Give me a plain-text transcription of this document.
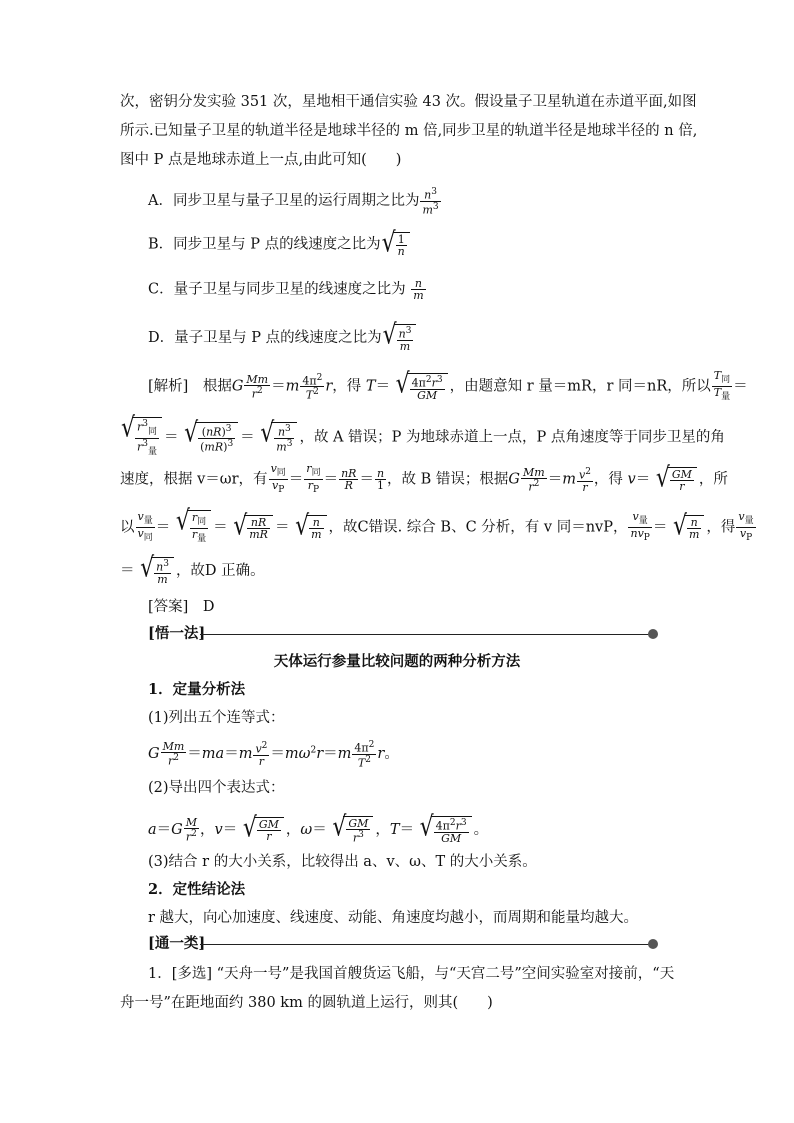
次，密钥分发实验 351 次，星地相干通信实验 43 次。假设量子卫星轨道在赤道平面,如图
所示.已知量子卫星的轨道半径是地球半径的 m 倍,同步卫星的轨道半径是地球半径的 n 倍,
图中 P 点是地球赤道上一点,由此可知(　　)
A．同步卫星与量子卫星的运行周期之比为 $\frac{n^3}{m^3}$
B．同步卫星与 P 点的线速度之比为 √ $\frac{1}{n}$
C．量子卫星与同步卫星的线速度之比为 $\frac{n}{m}$
D．量子卫星与 P 点的线速度之比为 √ $\frac{n^3}{m}$
[解析]　根据G $\frac{Mm}{r^2} =m \frac{4\pi^2}{T^2}$ r，得 T＝ √ $\frac{4\pi^2r^3}{GM}$ ，由题意知 r 量＝mR，r 同＝nR，所以 $\frac{T_同}{T_量}$ ＝
√ $\frac{r^3_同}{r^3_量}$ ＝ √ $\frac{(nR)^3}{(mR)^3}$ ＝ √ $\frac{n^3}{m^3}$ ，故 A 错误；P 为地球赤道上一点，P 点角速度等于同步卫星的角
速度，根据 v＝ωr，有 $\frac{v_同}{v_P} = \frac{r_同}{r_P} = \frac{nR}{R} = \frac{n}{1}$ ，故 B 错误；根据G $\frac{Mm}{r^2} =m \frac{v^2}{r}$ ，得 v＝ √ $\frac{GM}{r}$ ，所
以 $\frac{v_量}{v_同}$ ＝ √ $\frac{r_同}{r_量}$ ＝ √ $\frac{nR}{mR}$ ＝ √ $\frac{n}{m}$ ，故C错误. 综合 B、C 分析，有 v 同＝nvP， $\frac{v_量}{nv_P}$ ＝ √ $\frac{n}{m}$ ，得 $\frac{v_量}{v_P}$
＝ √ $\frac{n^3}{m}$ ，故D 正确。
[答案]　D
[悟一法]
天体运行参量比较问题的两种分析方法
1．定量分析法
(1)列出五个连等式：
G $\frac{Mm}{r^2} =ma=m \frac{v^2}{r} =m\omega^2r=m \frac{4\pi^2}{T^2}$ r。
(2)导出四个表达式：
$a=G \frac{M}{r^2}$ ，v＝ √ $\frac{GM}{r}$ ，ω＝ √ $\frac{GM}{r^3}$ ，T＝ √ $\frac{4\pi^2r^3}{GM}$ 。
(3)结合 r 的大小关系，比较得出 a、v、ω、T 的大小关系。
2．定性结论法
r 越大，向心加速度、线速度、动能、角速度均越小，而周期和能量均越大。
[通一类]
1．[多选] “天舟一号”是我国首艘货运飞船，与“天宫二号”空间实验室对接前，“天
舟一号”在距地面约 380 km 的圆轨道上运行，则其(　　)
